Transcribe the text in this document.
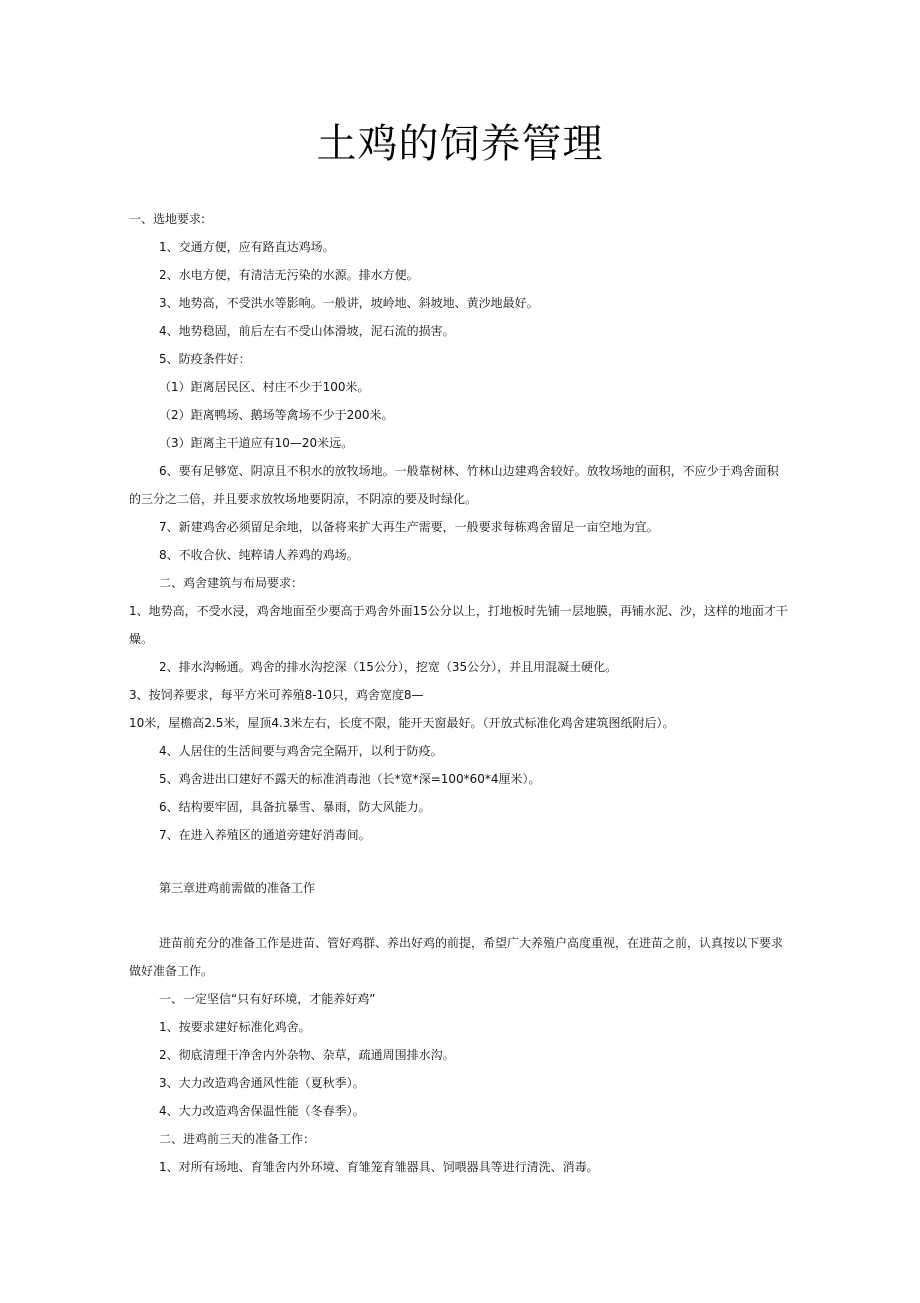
土鸡的饲养管理

一、选地要求:

1、交通方便，应有路直达鸡场。

2、水电方便，有清洁无污染的水源。排水方便。

3、地势高，不受洪水等影响。一般讲，坡岭地、斜坡地、黄沙地最好。

4、地势稳固，前后左右不受山体滑坡，泥石流的损害。

5、防疫条件好：

（1）距离居民区、村庄不少于100米。

（2）距离鸭场、鹅场等禽场不少于200米。

（3）距离主干道应有10—20米远。

6、要有足够宽、阴凉且不积水的放牧场地。一般靠树林、竹林山边建鸡舍较好。放牧场地的面积，不应少于鸡舍面积的三分之二倍，并且要求放牧场地要阴凉，不阴凉的要及时绿化。

7、新建鸡舍必须留足余地，以备将来扩大再生产需要，一般要求每栋鸡舍留足一亩空地为宜。

8、不收合伙、纯粹请人养鸡的鸡场。

二、鸡舍建筑与布局要求：

1、地势高，不受水浸，鸡舍地面至少要高于鸡舍外面15公分以上，打地板时先铺一层地膜，再铺水泥、沙，这样的地面才干燥。

2、排水沟畅通。鸡舍的排水沟挖深（15公分），挖宽（35公分），并且用混凝土硬化。

3、按饲养要求，每平方米可养殖8-10只，鸡舍宽度8—

10米，屋檐高2.5米，屋顶4.3米左右，长度不限，能开天窗最好。（开放式标准化鸡舍建筑图纸附后）。

4、人居住的生活间要与鸡舍完全隔开，以利于防疫。

5、鸡舍进出口建好不露天的标准消毒池（长*宽*深=100*60*4厘米）。

6、结构要牢固，具备抗暴雪、暴雨，防大风能力。

7、在进入养殖区的通道旁建好消毒间。

第三章进鸡前需做的准备工作

进苗前充分的准备工作是进苗、管好鸡群、养出好鸡的前提，希望广大养殖户高度重视，在进苗之前，认真按以下要求做好准备工作。

一、一定坚信“只有好环境，才能养好鸡”

1、按要求建好标准化鸡舍。

2、彻底清理干净舍内外杂物、杂草，疏通周围排水沟。

3、大力改造鸡舍通风性能（夏秋季）。

4、大力改造鸡舍保温性能（冬春季）。

二、进鸡前三天的准备工作：

1、对所有场地、育雏舍内外环境、育雏笼育雏器具、饲喂器具等进行清洗、消毒。
